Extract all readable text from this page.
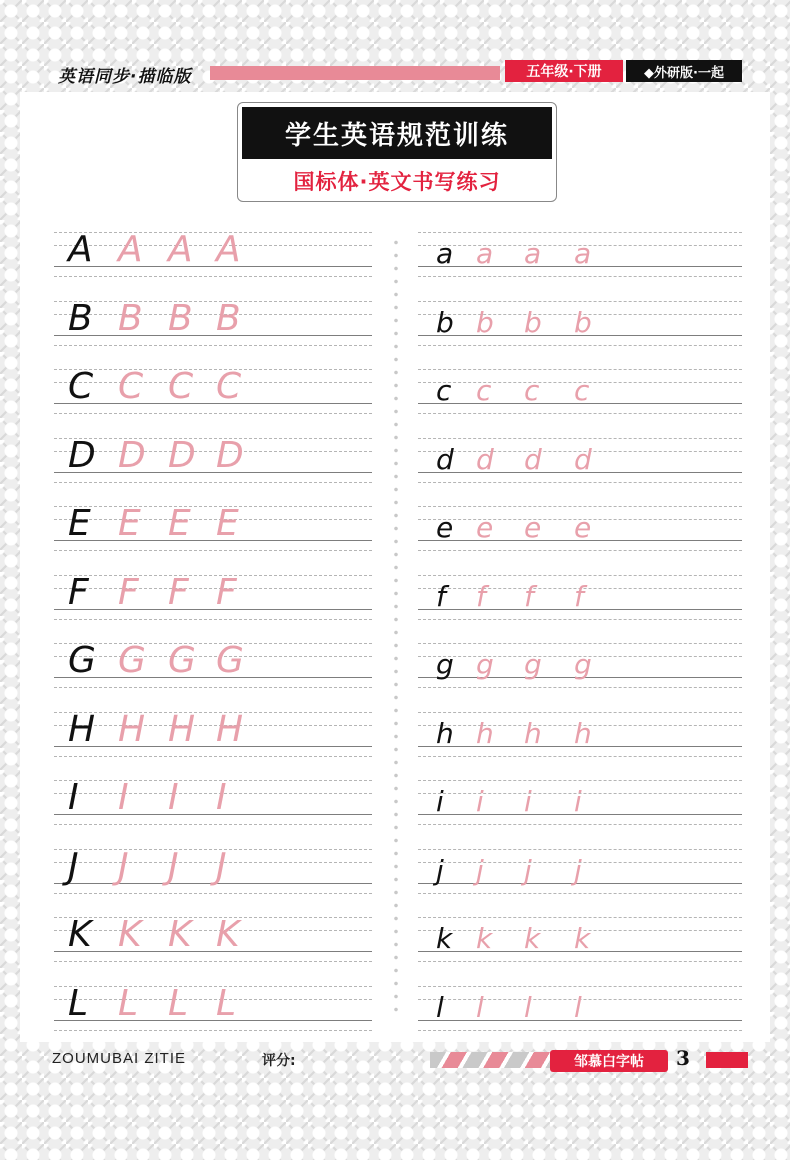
英语同步·描临版	五年级·下册	◆外研版·一起
学生英语规范训练
国标体·英文书写练习
A A A A
B B B B
C C C C
D D D D
E E E E
F F F F
G G G G
H H H H
I I I I
J J J J
K K K K
L L L L
a a a a
b b b b
c c c c
d d d d
e e e e
f f f f
g g g g
h h h h
i i i i
j j j j
k k k k
l l l l
ZOUMUBAI ZITIE	评分:	邹慕白字帖	3
